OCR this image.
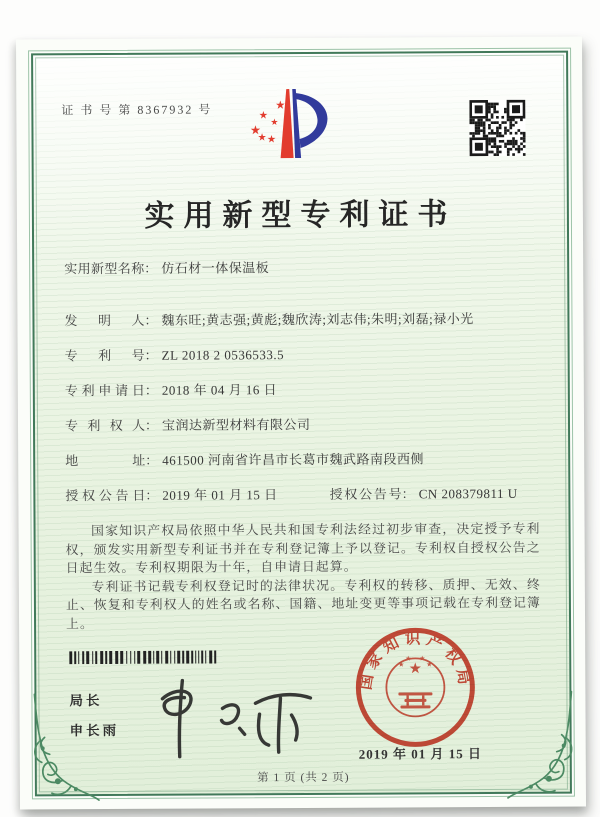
证 书 号 第 8367932 号
实用新型专利证书
实用新型名称： 仿石材一体保温板
发明人： 魏东旺;黄志强;黄彪;魏欣涛;刘志伟;朱明;刘磊;禄小光
专利号： ZL 2018 2 0536533.5
专利申请日： 2018 年 04 月 16 日
专利权人： 宝润达新型材料有限公司
地址： 461500 河南省许昌市长葛市魏武路南段西侧
授权公告日： 2019 年 01 月 15 日	授权公告号： CN 208379811 U

国家知识产权局依照中华人民共和国专利法经过初步审查，决定授予专利权，颁发实用新型专利证书并在专利登记簿上予以登记。专利权自授权公告之日起生效。专利权期限为十年，自申请日起算。

专利证书记载专利权登记时的法律状况。专利权的转移、质押、无效、终止、恢复和专利权人的姓名或名称、国籍、地址变更等事项记载在专利登记簿上。

局长
申长雨
国家知识产权局
2019 年 01 月 15 日
第 1 页 (共 2 页)
